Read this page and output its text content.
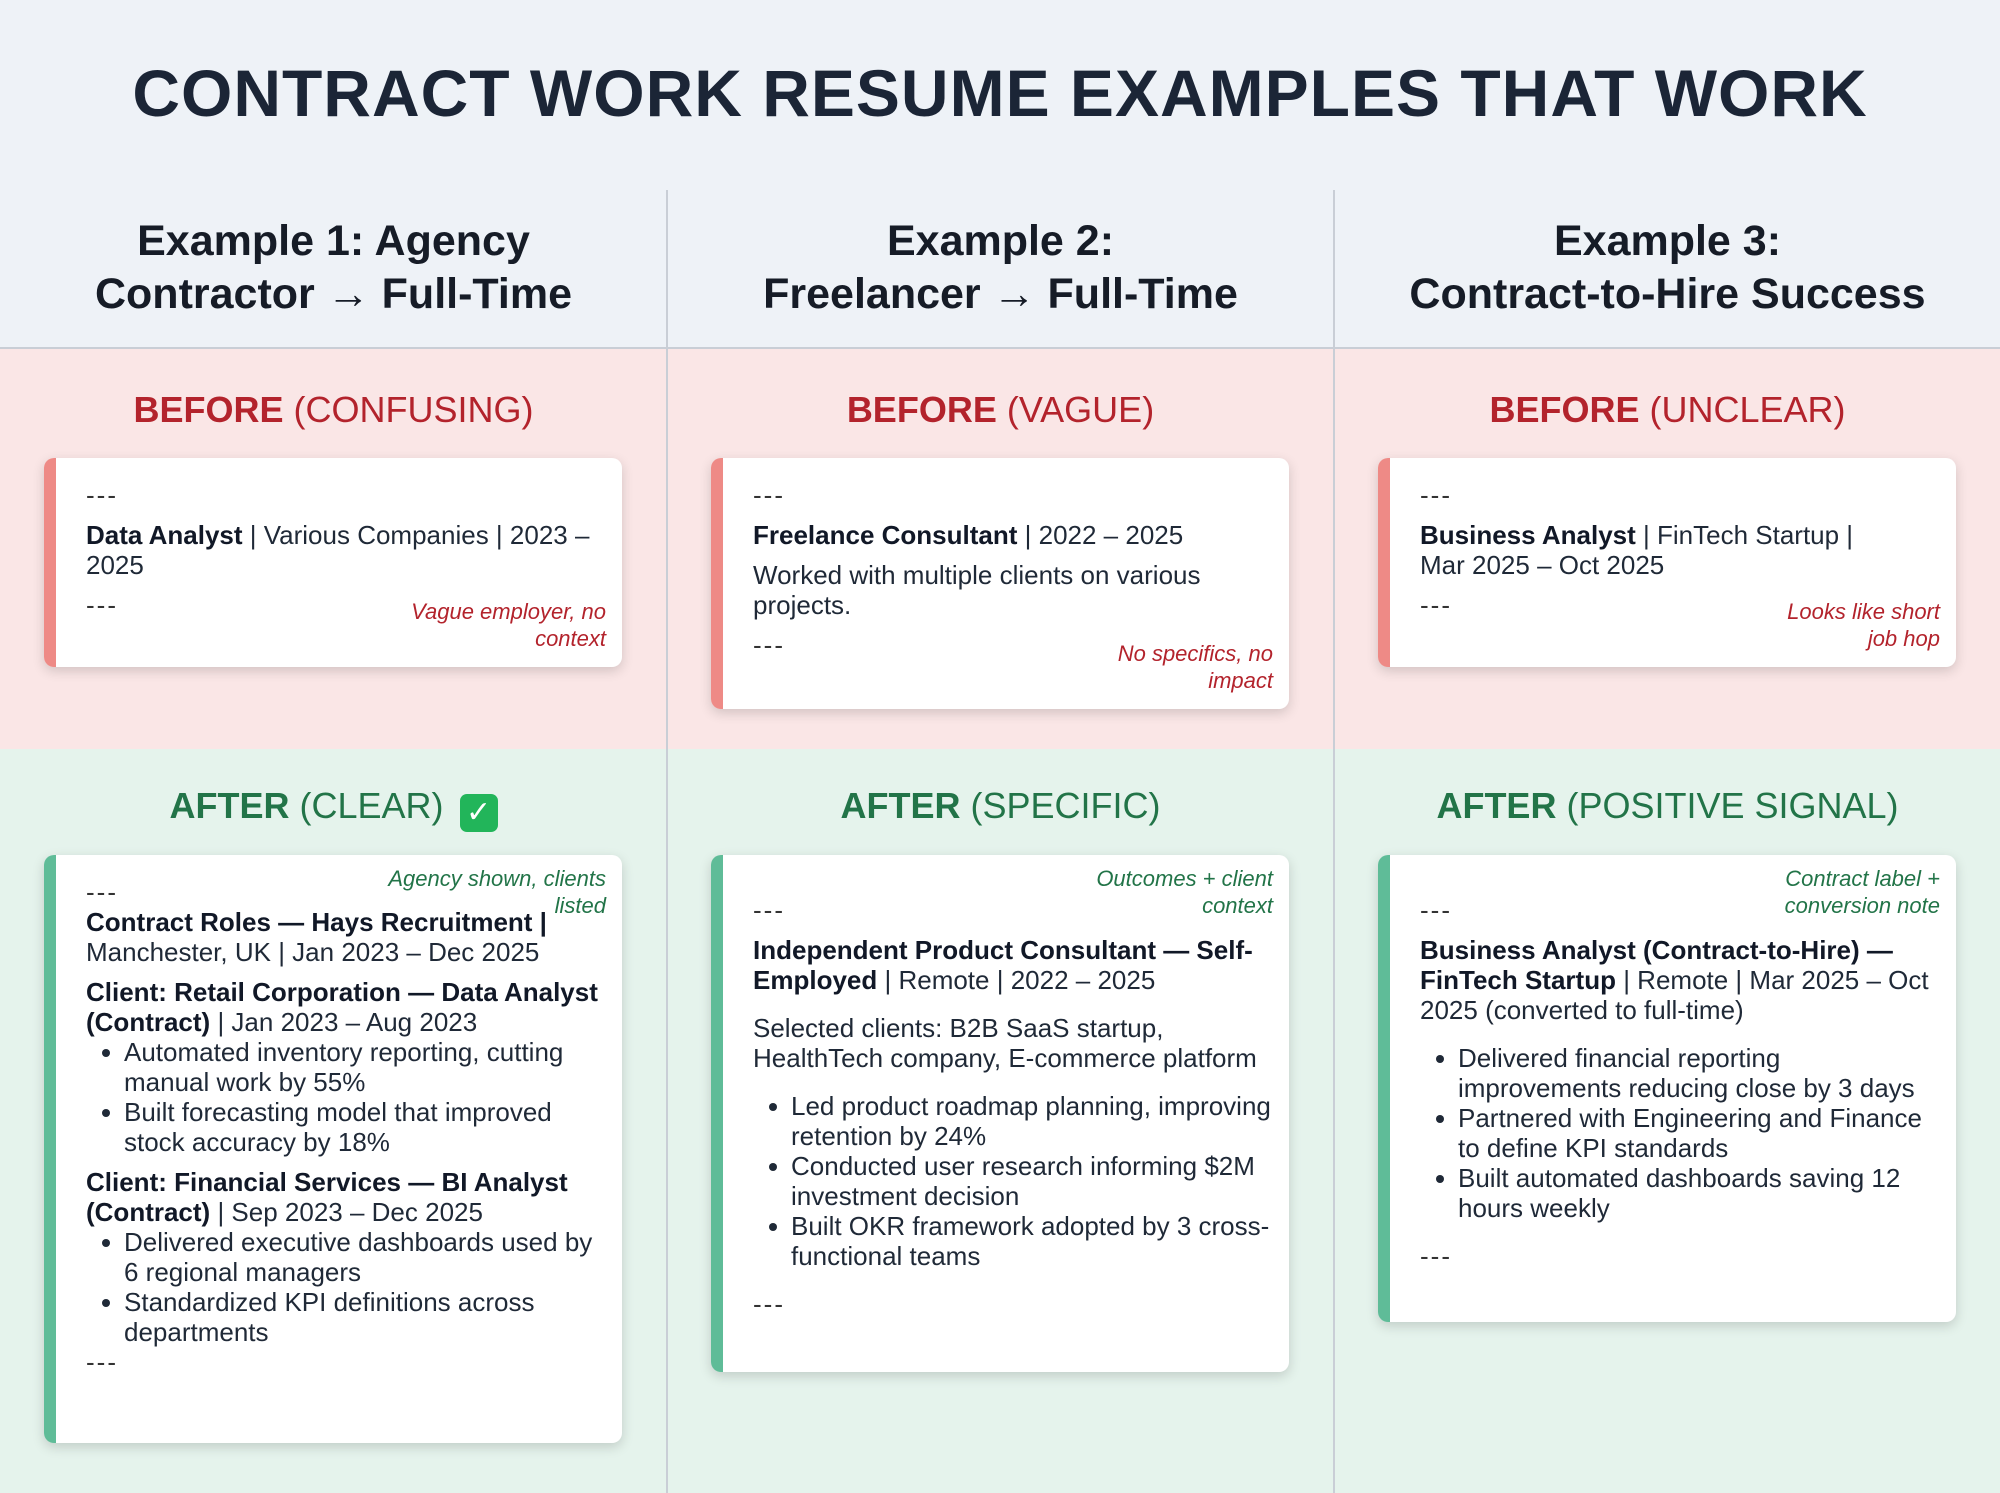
CONTRACT WORK RESUME EXAMPLES THAT WORK
Example 1: Agency
Contractor → Full-Time
BEFORE (CONFUSING)
---

Data Analyst | Various Companies | 2023 – 2025

---	Vague employer, no context
AFTER (CLEAR) ✓
Agency shown, clients listed
---

Contract Roles — Hays Recruitment |
Manchester, UK | Jan 2023 – Dec 2025

Client: Retail Corporation — Data Analyst (Contract) | Jan 2023 – Aug 2023

Automated inventory reporting, cutting manual work by 55%
Built forecasting model that improved stock accuracy by 18%

Client: Financial Services — BI Analyst (Contract) | Sep 2023 – Dec 2025

Delivered executive dashboards used by 6 regional managers
Standardized KPI definitions across departments
---
Example 2:
Freelancer → Full-Time
BEFORE (VAGUE)
---

Freelance Consultant | 2022 – 2025

Worked with multiple clients on various projects.

---	No specifics, no impact
AFTER (SPECIFIC)
Outcomes + client context
---

Independent Product Consultant — Self-Employed | Remote | 2022 – 2025

Selected clients: B2B SaaS startup, HealthTech company, E-commerce platform

Led product roadmap planning, improving retention by 24%
Conducted user research informing $2M investment decision
Built OKR framework adopted by 3 cross-functional teams
---
Example 3:
Contract-to-Hire Success
BEFORE (UNCLEAR)
---

Business Analyst | FinTech Startup | Mar 2025 – Oct 2025

---	Looks like short job hop
AFTER (POSITIVE SIGNAL)
Contract label + conversion note
---

Business Analyst (Contract-to-Hire) — FinTech Startup | Remote | Mar 2025 – Oct 2025 (converted to full-time)

Delivered financial reporting improvements reducing close by 3 days
Partnered with Engineering and Finance to define KPI standards
Built automated dashboards saving 12 hours weekly
---
